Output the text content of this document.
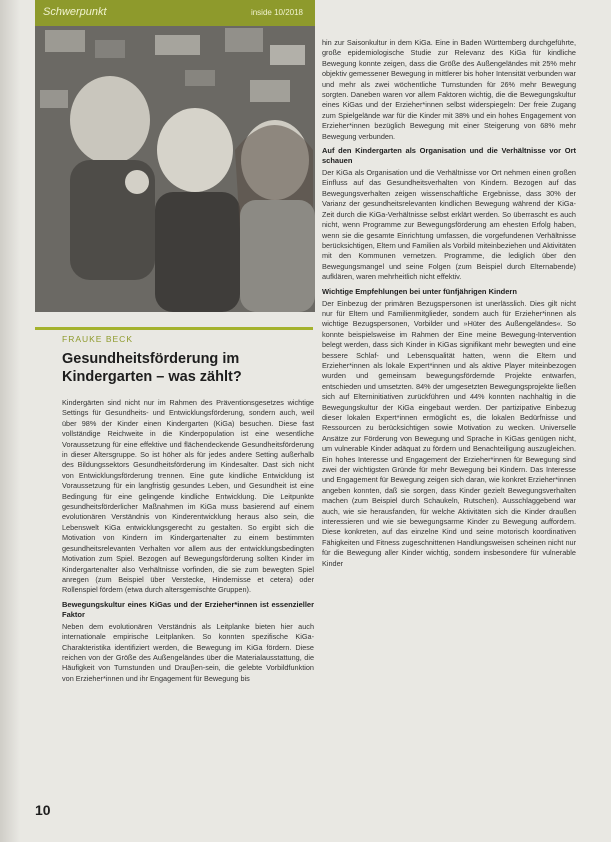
Schwerpunkt	inside 10/2018
FRAUKE BECK
Gesundheitsförderung im Kindergarten – was zählt?

Kindergärten sind nicht nur im Rahmen des Präventionsgesetzes wichtige Settings für Gesundheits- und Entwicklungsförderung, sondern auch, weil über 98% der Kinder einen Kindergarten (KiGa) besuchen. Diese fast vollständige Reichweite in die Kinderpopulation ist eine wesentliche Voraussetzung für eine effektive und flächendeckende Gesundheitsförderung in dieser Altersgruppe. So ist höher als für jedes andere Setting außerhalb des Bildungssektors Gesundheitsförderung im Kindesalter. Dast sich nicht von Entwicklungsförderung trennen. Eine gute kindliche Entwicklung ist Voraussetzung für ein langfristig gesundes Leben, und Gesundheit ist eine Bedingung für eine gelingende kindliche Entwicklung. Die Leitpunkte gesundheitsförderlicher Maßnahmen im KiGa muss basierend auf einem evolutionären Verständnis von Kinderentwicklung heraus also sein, die Lebenswelt KiGa entwicklungsgerecht zu gestalten. So ergibt sich die Motivation von Kindern im Kindergartenalter zu einem bestimmten gesundheitsrelevanten Verhalten vor allem aus der entwicklungsbedingten Motivation zum Spiel. Bezogen auf Bewegungsförderung sollten Kinder im Kindergartenalter also Verhältnisse vorfinden, die sie zum bewegten Spiel anregen (zum Beispiel über Verstecke, Hindernisse et cetera) oder Rollenspiel fördern (etwa durch altersgemischte Gruppen).

Bewegungskultur eines KiGas und der Erzieher*innen ist essenzieller Faktor

Neben dem evolutionären Verständnis als Leitplanke bieten hier auch internationale empirische Leitplanken. So konnten spezifische KiGa-Charakteristika identifiziert werden, die Bewegung im KiGa fördern. Diese reichen von der Größe des Außengeländes über die Materialausstattung, die Häufigkeit von Turnstunden und Drauβen-sein, die gelebte Vorbildfunktion von Erzieher*innen und ihr Engagement für Bewegung bis

hin zur Saisonkultur in dem KiGa. Eine in Baden Württemberg durchgeführte, große epidemiologische Studie zur Relevanz des KiGa für kindliche Bewegung konnte zeigen, dass die Größe des Außengeländes mit 25% mehr objektiv gemessener Bewegung in mittlerer bis hoher Intensität verbunden war und mehr als zwei wöchentliche Turnstunden für 26% mehr Bewegung sorgten. Daneben waren vor allem Faktoren wichtig, die die Bewegungskultur eines KiGas und der Erzieher*innen selbst widerspiegeln: Der freie Zugang zum Spielgelände war für die Kinder mit 38% und ein hohes Engagement von Erzieher*innen bezüglich Bewegung mit einer Steigerung von 68% mehr Bewegung verbunden.

Auf den Kindergarten als Organisation und die Verhältnisse vor Ort schauen

Der KiGa als Organisation und die Verhältnisse vor Ort nehmen einen großen Einfluss auf das Gesundheitsverhalten von Kindern. Bezogen auf das Bewegungsverhalten zeigen wissenschaftliche Ergebnisse, dass 30% der Varianz der gesundheitsrelevanten kindlichen Bewegung während der KiGa-Zeit durch die KiGa-Verhältnisse selbst erklärt werden. So überrascht es auch nicht, wenn Programme zur Bewegungsförderung am ehesten Erfolg haben, wenn sie die gesamte Einrichtung umfassen, die vorgefundenen Verhältnisse berücksichtigen, Eltern und Familien als Vorbild miteinbeziehen und Aktivitäten mit den Kommunen vernetzen. Programme, die lediglich über den Bewegungsmangel und seine Folgen (zum Beispiel durch Elternabende) aufklären, waren mehrheitlich nicht effektiv.

Wichtige Empfehlungen bei unter fünfjährigen Kindern

Der Einbezug der primären Bezugspersonen ist unerlässlich. Dies gilt nicht nur für Eltern und Familienmitglieder, sondern auch für Erzieher*innen als wichtige Bezugspersonen, Vorbilder und »Hüter des Außengeländes«. So konnte beispielsweise im Rahmen der Eine meine Bewegung-Intervention belegt werden, dass sich Kinder in KiGas signifikant mehr bewegten und eine bessere Schlaf- und Lebensqualität hatten, wenn die Eltern und Erzieher*innen als lokale Expert*innen und als aktive Player miteinbezogen wurden und gemeinsam bewegungsfördernde Projekte entwarfen, entschieden und umsetzten. 84% der umgesetzten Bewegungsprojekte ließen sich auf Elterninitiativen zurückführen und 44% konnten nachhaltig in die Bewegungskultur der KiGa eingebaut werden. Der partizipative Einbezug dieser lokalen Expert*innen ermöglicht es, die lokalen Bedürfnisse und Ressourcen zu berücksichtigen sowie Motivation zu wecken. Universelle Ansätze zur Förderung von Bewegung und Sprache in KiGas genügen nicht, um vulnerable Kinder adäquat zu fördern und Benachteiligung auszugleichen. Ein hohes Interesse und Engagement der Erzieher*innen für Bewegung sind zwei der wichtigsten Gründe für mehr Bewegung bei Kindern. Das Interesse und Engagement für Bewegung zeigen sich daran, wie konkret Erzieher*innen angeben konnten, daß sie sorgen, dass Kinder gezielt Bewegungsverhalten machen (zum Beispiel durch Schaukeln, Rutschen). Ausschlaggebend war auch, wie sie herausfanden, für welche Aktivitäten sich die Kinder draußen interessieren und wie sie bewegungsarme Kinder zu Bewegung auffordern. Diese konkreten, auf das einzelne Kind und seine motorisch koordinativen Fähigkeiten und Fitness zugeschnittenen Handlungsweisen scheinen nicht nur für die Bewegung aller Kinder wichtig, sondern insbesondere für vulnerable Kinder

10
